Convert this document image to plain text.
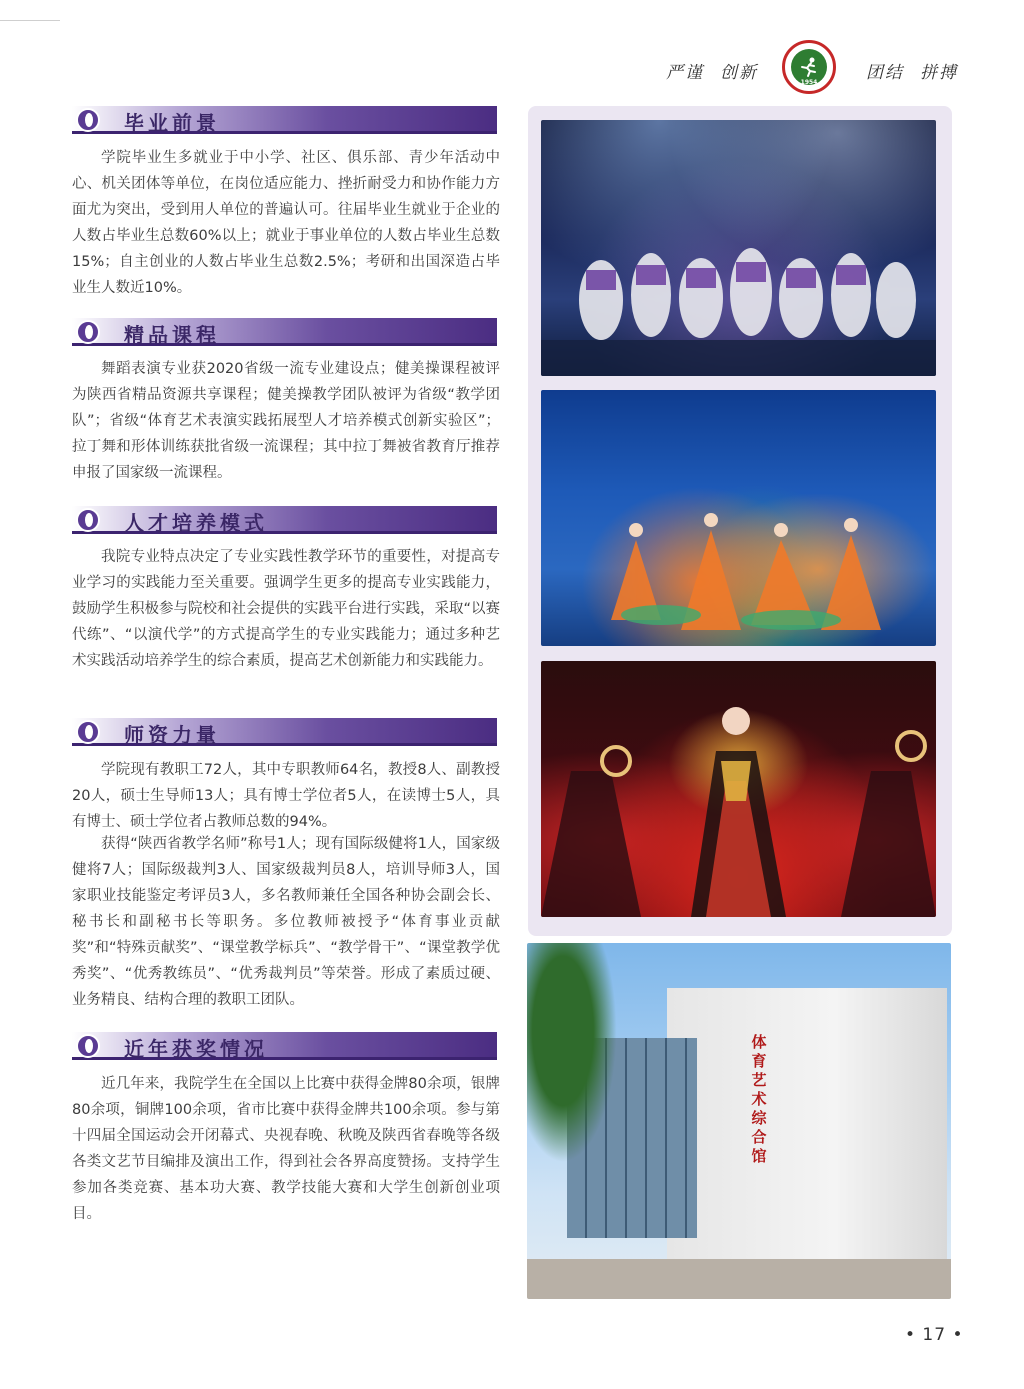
严谨 创新	1954	团结 拼搏
毕业前景

学院毕业生多就业于中小学、社区、俱乐部、青少年活动中心、机关团体等单位，在岗位适应能力、挫折耐受力和协作能力方面尤为突出，受到用人单位的普遍认可。往届毕业生就业于企业的人数占毕业生总数60%以上；就业于事业单位的人数占毕业生总数15%；自主创业的人数占毕业生总数2.5%；考研和出国深造占毕业生人数近10%。

精品课程

舞蹈表演专业获2020省级一流专业建设点；健美操课程被评为陕西省精品资源共享课程；健美操教学团队被评为省级“教学团队”；省级“体育艺术表演实践拓展型人才培养模式创新实验区”；拉丁舞和形体训练获批省级一流课程；其中拉丁舞被省教育厅推荐申报了国家级一流课程。

人才培养模式

我院专业特点决定了专业实践性教学环节的重要性，对提高专业学习的实践能力至关重要。强调学生更多的提高专业实践能力，鼓励学生积极参与院校和社会提供的实践平台进行实践，采取“以赛代练”、“以演代学”的方式提高学生的专业实践能力；通过多种艺术实践活动培养学生的综合素质，提高艺术创新能力和实践能力。

师资力量

学院现有教职工72人，其中专职教师64名，教授8人、副教授20人，硕士生导师13人；具有博士学位者5人，在读博士5人，具有博士、硕士学位者占教师总数的94%。

获得“陕西省教学名师”称号1人；现有国际级健将1人，国家级健将7人；国际级裁判3人、国家级裁判员8人，培训导师3人，国家职业技能鉴定考评员3人，多名教师兼任全国各种协会副会长、秘书长和副秘书长等职务。多位教师被授予“体育事业贡献奖”和“特殊贡献奖”、“课堂教学标兵”、“教学骨干”、“课堂教学优秀奖”、“优秀教练员”、“优秀裁判员”等荣誉。形成了素质过硬、业务精良、结构合理的教职工团队。

近年获奖情况

近几年来，我院学生在全国以上比赛中获得金牌80余项，银牌80余项，铜牌100余项，省市比赛中获得金牌共100余项。参与第十四届全国运动会开闭幕式、央视春晚、秋晚及陕西省春晚等各级各类文艺节目编排及演出工作，得到社会各界高度赞扬。支持学生参加各类竞赛、基本功大赛、教学技能大赛和大学生创新创业项目。

体育艺术综合馆
• 17 •
